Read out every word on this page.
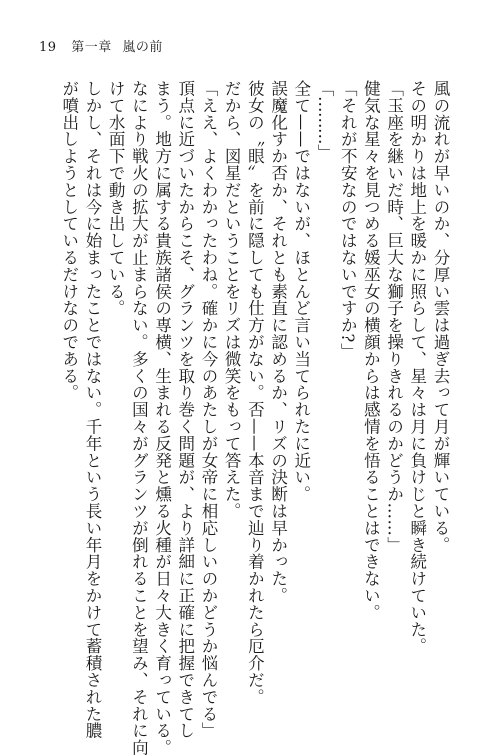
19 第一章 嵐の前
風の流れが早いのか、分厚い雲は過ぎ去って月が輝いている。
その明かりは地上を暖かに照らして、星々は月に負けじと瞬き続けていた。
「玉座を継いだ時、巨大な獅子を操りきれるのかどうか……」
健気な星々を見つめる媛巫女の横顔からは感情を悟ることはできない。
「それが不安なのではないですか?」
「………」
全て——ではないが、ほとんど言い当てられたに近い。
誤魔化すか否か、それとも素直に認めるか、リズの決断は早かった。
彼女の〝眼〟を前に隠しても仕方がない。否——本音まで辿り着かれたら厄介だ。
だから、図星だということをリズは微笑をもって答えた。
「ええ、よくわかったわね。確かに今のあたしが女帝に相応しいのかどうか悩んでる」
頂点に近づいたからこそ、グランツを取り巻く問題が、より詳細に正確に把握できてし
まう。地方に属する貴族諸侯の専横、生まれる反発と燻る火種が日々大きく育っている。
なにより戦火の拡大が止まらない。多くの国々がグランツが倒れることを望み、それに向
けて水面下で動き出している。
しかし、それは今に始まったことではない。千年という長い年月をかけて蓄積された膿
が噴出しようとしているだけなのである。
